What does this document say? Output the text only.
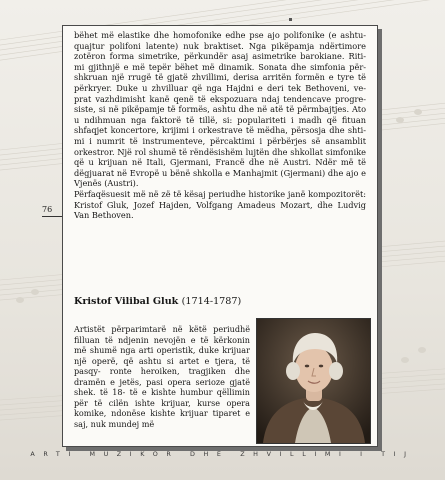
76

bëhet më elastike dhe homofonike edhe pse ajo polifonike (e ashtu- quajtur polifoni latente) nuk braktiset. Nga pikëpamja ndërtimore zotëron forma simetrike, përkundër asaj asimetrike barokiane. Riti- mi gjithnjë e më tepër bëhet më dinamik. Sonata dhe simfonia për- shkruan një rrugë të gjatë zhvillimi, derisa arritën formën e tyre të përkryer. Duke u zhvilluar që nga Hajdni e deri tek Bethoveni, ve- prat vazhdimisht kanë qenë të ekspozuara ndaj tendencave progre- siste, si në pikëpamje të formës, ashtu dhe në atë të përmbajtjes. Ato u ndihmuan nga faktorë të tillë, si: populariteti i madh që fituan shfaqjet koncertore, krijimi i orkestrave të mëdha, përsosja dhe shti- mi i numrit të instrumenteve, përcaktimi i përbërjes së ansamblit orkestror. Një rol shumë të rëndësishëm lujtën dhe shkollat simfonike që u krijuan në Itali, Gjermani, Francë dhe në Austri. Ndër më të dëgjuarat në Evropë u bënë shkolla e Manhajmit (Gjermani) dhe ajo e Vjenës (Austri).

Përfaqësuesit më në zë të kësaj periudhe historike janë kompozitorët: Kristof Gluk, Jozef Hajden, Volfgang Amadeus Mozart, dhe Ludvig Van Bethoven.

Kristof Vilibal Gluk (1714-1787)

Artistët përparimtarë në këtë periudhë filluan të ndjenin nevojën e të kërkonin më shumë nga arti operistik, duke krijuar një operë, që ashtu si artet e tjera, të pasqy- ronte heroiken, tragjiken dhe dramën e jetës, pasi opera serioze gjatë shek. të 18- të e kishte humbur qëllimin për të cilën ishte krijuar, kurse opera komike, ndonëse kishte krijuar tiparet e saj, nuk mundej më

ARTI MUZIKOR DHE ZHVILLIMI I TIJ
